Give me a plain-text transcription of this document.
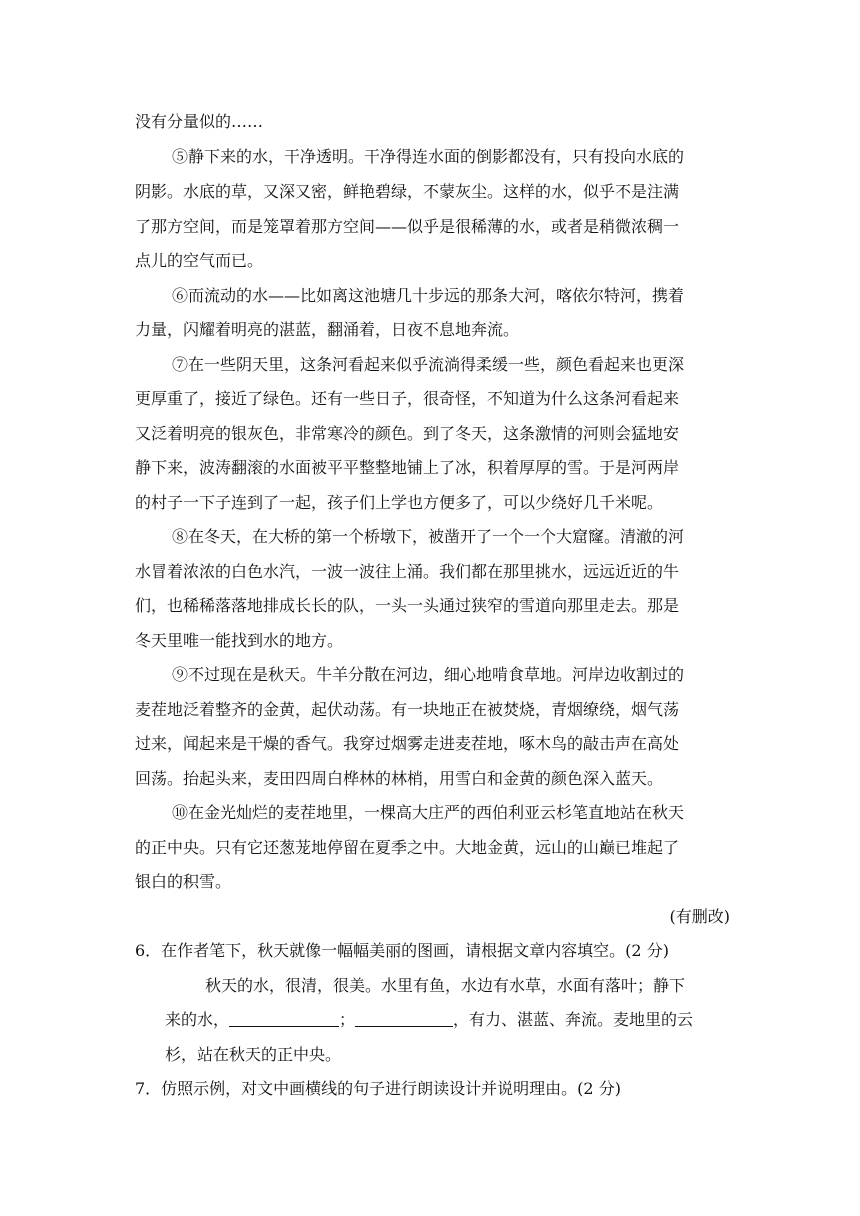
没有分量似的……
⑤静下来的水，干净透明。干净得连水面的倒影都没有，只有投向水底的
阴影。水底的草，又深又密，鲜艳碧绿，不蒙灰尘。这样的水，似乎不是注满
了那方空间，而是笼罩着那方空间——似乎是很稀薄的水，或者是稍微浓稠一
点儿的空气而已。
⑥而流动的水——比如离这池塘几十步远的那条大河，喀依尔特河，携着
力量，闪耀着明亮的湛蓝，翻涌着，日夜不息地奔流。
⑦在一些阴天里，这条河看起来似乎流淌得柔缓一些，颜色看起来也更深
更厚重了，接近了绿色。还有一些日子，很奇怪，不知道为什么这条河看起来
又泛着明亮的银灰色，非常寒冷的颜色。到了冬天，这条激情的河则会猛地安
静下来，波涛翻滚的水面被平平整整地铺上了冰，积着厚厚的雪。于是河两岸
的村子一下子连到了一起，孩子们上学也方便多了，可以少绕好几千米呢。
⑧在冬天，在大桥的第一个桥墩下，被凿开了一个一个大窟窿。清澈的河
水冒着浓浓的白色水汽，一波一波往上涌。我们都在那里挑水，远远近近的牛
们，也稀稀落落地排成长长的队，一头一头通过狭窄的雪道向那里走去。那是
冬天里唯一能找到水的地方。
⑨不过现在是秋天。牛羊分散在河边，细心地啃食草地。河岸边收割过的
麦茬地泛着整齐的金黄，起伏动荡。有一块地正在被焚烧，青烟缭绕，烟气荡
过来，闻起来是干燥的香气。我穿过烟雾走进麦茬地，啄木鸟的敲击声在高处
回荡。抬起头来，麦田四周白桦林的林梢，用雪白和金黄的颜色深入蓝天。
⑩在金光灿烂的麦茬地里，一棵高大庄严的西伯利亚云杉笔直地站在秋天
的正中央。只有它还葱茏地停留在夏季之中。大地金黄，远山的山巅已堆起了
银白的积雪。
(有删改)
6．在作者笔下，秋天就像一幅幅美丽的图画，请根据文章内容填空。(2 分)
秋天的水，很清，很美。水里有鱼，水边有水草，水面有落叶；静下
来的水，	；	，有力、湛蓝、奔流。麦地里的云
杉，站在秋天的正中央。
7．仿照示例，对文中画横线的句子进行朗读设计并说明理由。(2 分)
